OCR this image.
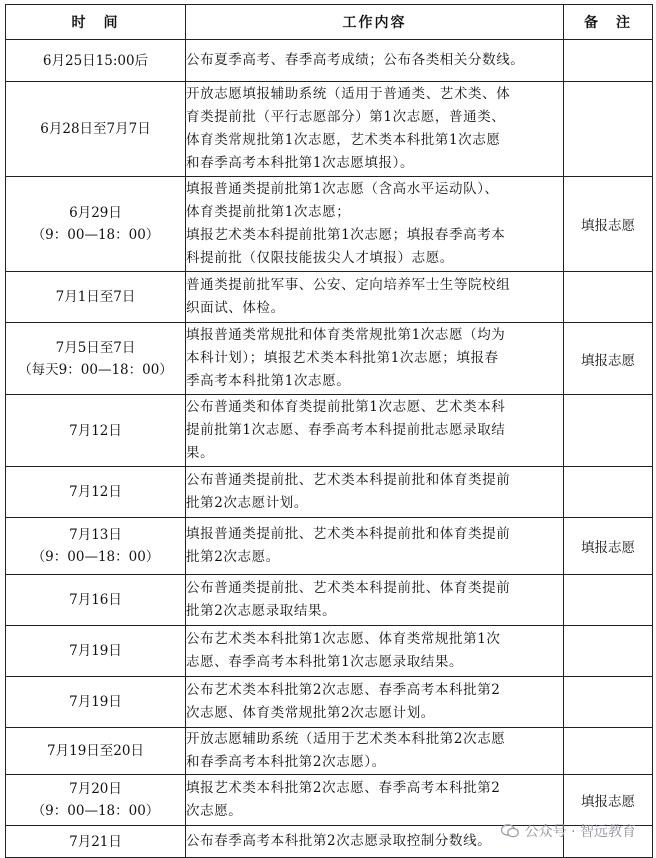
时　间	工作内容	备　注

6月25日15:00后	公布夏季高考、春季高考成绩；公布各类相关分数线。	

6月28日至7月7日	开放志愿填报辅助系统（适用于普通类、艺术类、体
育类提前批（平行志愿部分）第1次志愿，普通类、
体育类常规批第1次志愿，艺术类本科批第1次志愿
和春季高考本科批第1次志愿填报）。	

6月29日
（9：00—18：00）	填报普通类提前批第1次志愿（含高水平运动队）、
体育类提前批第1次志愿；
填报艺术类本科提前批第1次志愿；填报春季高考本
科提前批（仅限技能拔尖人才填报）志愿。	填报志愿

7月1日至7日	普通类提前批军事、公安、定向培养军士生等院校组
织面试、体检。	

7月5日至7日
（每天9：00—18：00）	填报普通类常规批和体育类常规批第1次志愿（均为
本科计划）；填报艺术类本科批第1次志愿；填报春
季高考本科批第1次志愿。	填报志愿

7月12日	公布普通类和体育类提前批第1次志愿、艺术类本科
提前批第1次志愿、春季高考本科提前批志愿录取结
果。	

7月12日	公布普通类提前批、艺术类本科提前批和体育类提前
批第2次志愿计划。	

7月13日
（9：00—18：00）	填报普通类提前批、艺术类本科提前批和体育类提前
批第2次志愿。	填报志愿

7月16日	公布普通类提前批、艺术类本科提前批、体育类提前
批第2次志愿录取结果。	

7月19日	公布艺术类本科批第1次志愿、体育类常规批第1次
志愿、春季高考本科批第1次志愿录取结果。	

7月19日	公布艺术类本科批第2次志愿、春季高考本科批第2
次志愿、体育类常规批第2次志愿计划。	

7月19日至20日	开放志愿辅助系统（适用于艺术类本科批第2次志愿
和春季高考本科批第2次志愿）。	

7月20日
（9：00—18：00）	填报艺术类本科批第2次志愿、春季高考本科批第2
次志愿。	填报志愿

7月21日	公布春季高考本科批第2次志愿录取控制分数线。	

公众号 · 智远教育
